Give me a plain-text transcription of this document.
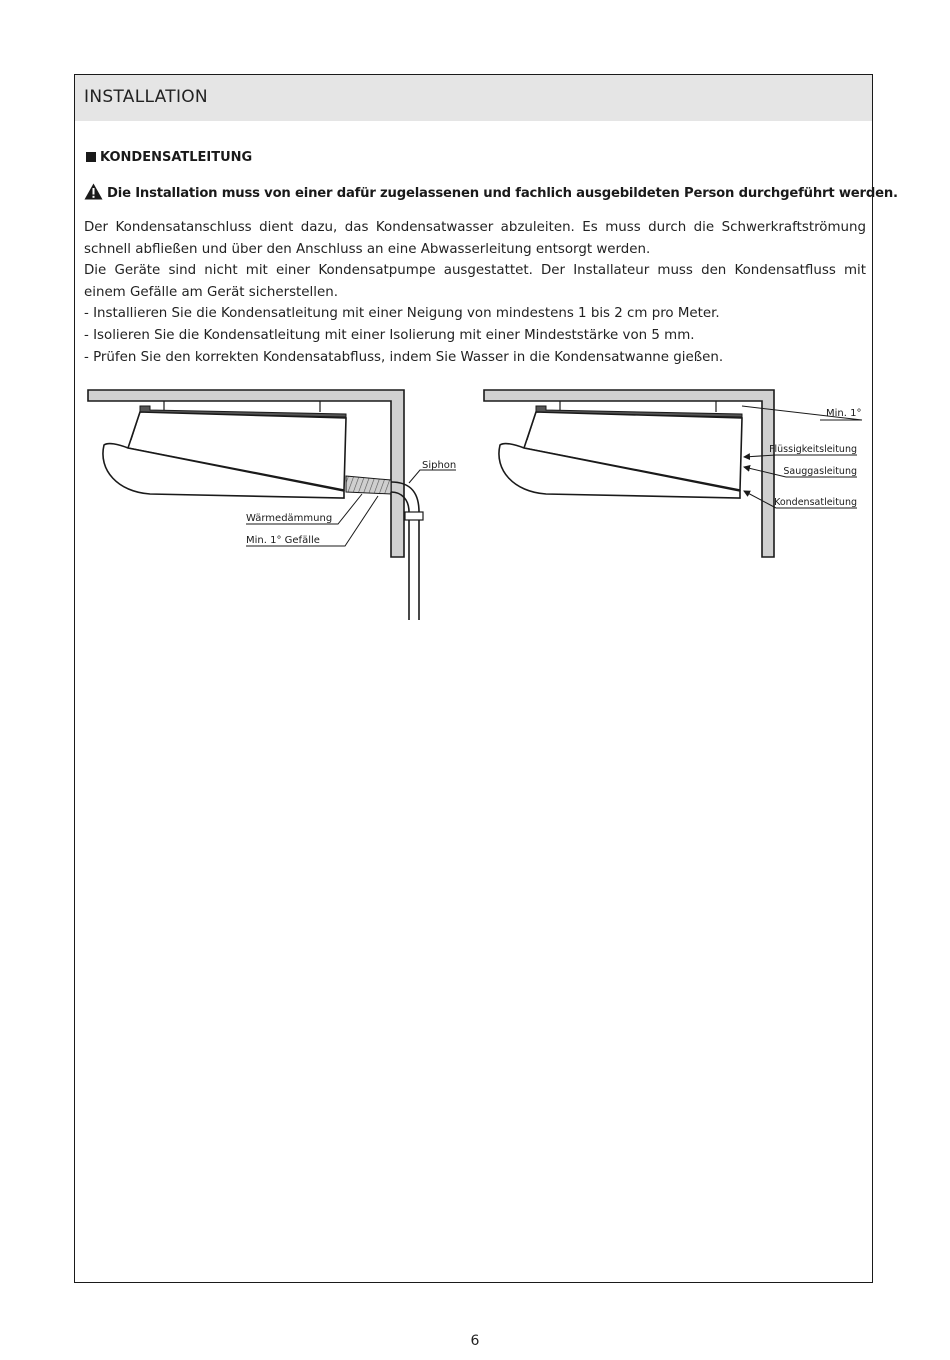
INSTALLATION
KONDENSATLEITUNG
Die Installation muss von einer dafür zugelassenen und fachlich ausgebildeten Person durchgeführt werden.

Der Kondensatanschluss dient dazu, das Kondensatwasser abzuleiten. Es muss durch die Schwerkraftströmung

schnell abfließen und über den Anschluss an eine Abwasserleitung entsorgt werden.

Die Geräte sind nicht mit einer Kondensatpumpe ausgestattet. Der Installateur muss den Kondensatfluss mit

einem Gefälle am Gerät sicherstellen.

- Installieren Sie die Kondensatleitung mit einer Neigung von mindestens 1 bis 2 cm pro Meter.

- Isolieren Sie die Kondensatleitung mit einer Isolierung mit einer Mindeststärke von 5 mm.

- Prüfen Sie den korrekten Kondensatabfluss, indem Sie Wasser in die Kondensatwanne gießen.

Siphon
Wärmedämmung
Min. 1° Gefälle
Min. 1°
Flüssigkeitsleitung
Sauggasleitung
Kondensatleitung
6
